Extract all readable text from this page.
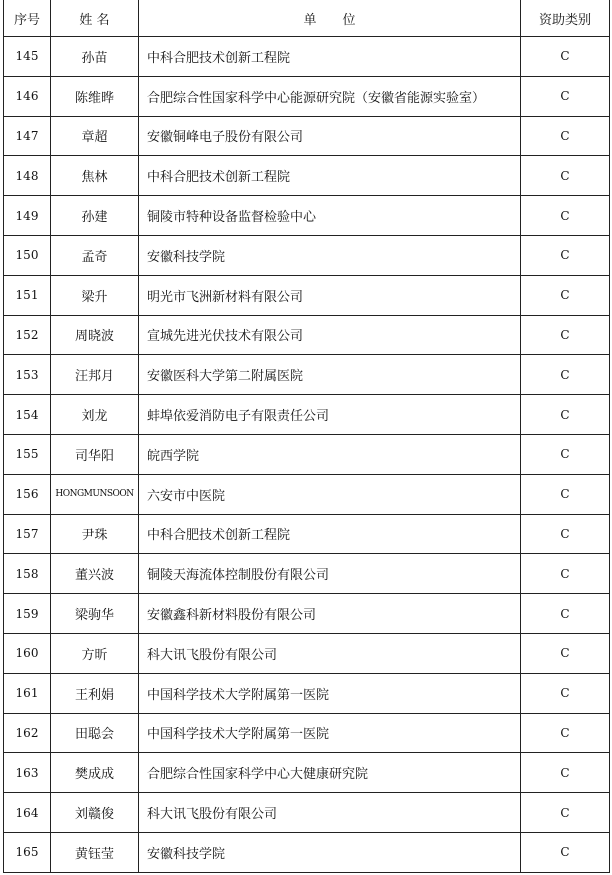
序号	姓 名	单　　位	资助类别
145	孙苗	中科合肥技术创新工程院	C
146	陈维晔	合肥综合性国家科学中心能源研究院（安徽省能源实验室）	C
147	章超	安徽铜峰电子股份有限公司	C
148	焦林	中科合肥技术创新工程院	C
149	孙建	铜陵市特种设备监督检验中心	C
150	孟奇	安徽科技学院	C
151	梁升	明光市飞洲新材料有限公司	C
152	周晓波	宣城先进光伏技术有限公司	C
153	汪邦月	安徽医科大学第二附属医院	C
154	刘龙	蚌埠依爱消防电子有限责任公司	C
155	司华阳	皖西学院	C
156	HONGMUNSOON	六安市中医院	C
157	尹珠	中科合肥技术创新工程院	C
158	董兴波	铜陵天海流体控制股份有限公司	C
159	梁驹华	安徽鑫科新材料股份有限公司	C
160	方昕	科大讯飞股份有限公司	C
161	王利娟	中国科学技术大学附属第一医院	C
162	田聪会	中国科学技术大学附属第一医院	C
163	樊成成	合肥综合性国家科学中心大健康研究院	C
164	刘赣俊	科大讯飞股份有限公司	C
165	黄钰莹	安徽科技学院	C
